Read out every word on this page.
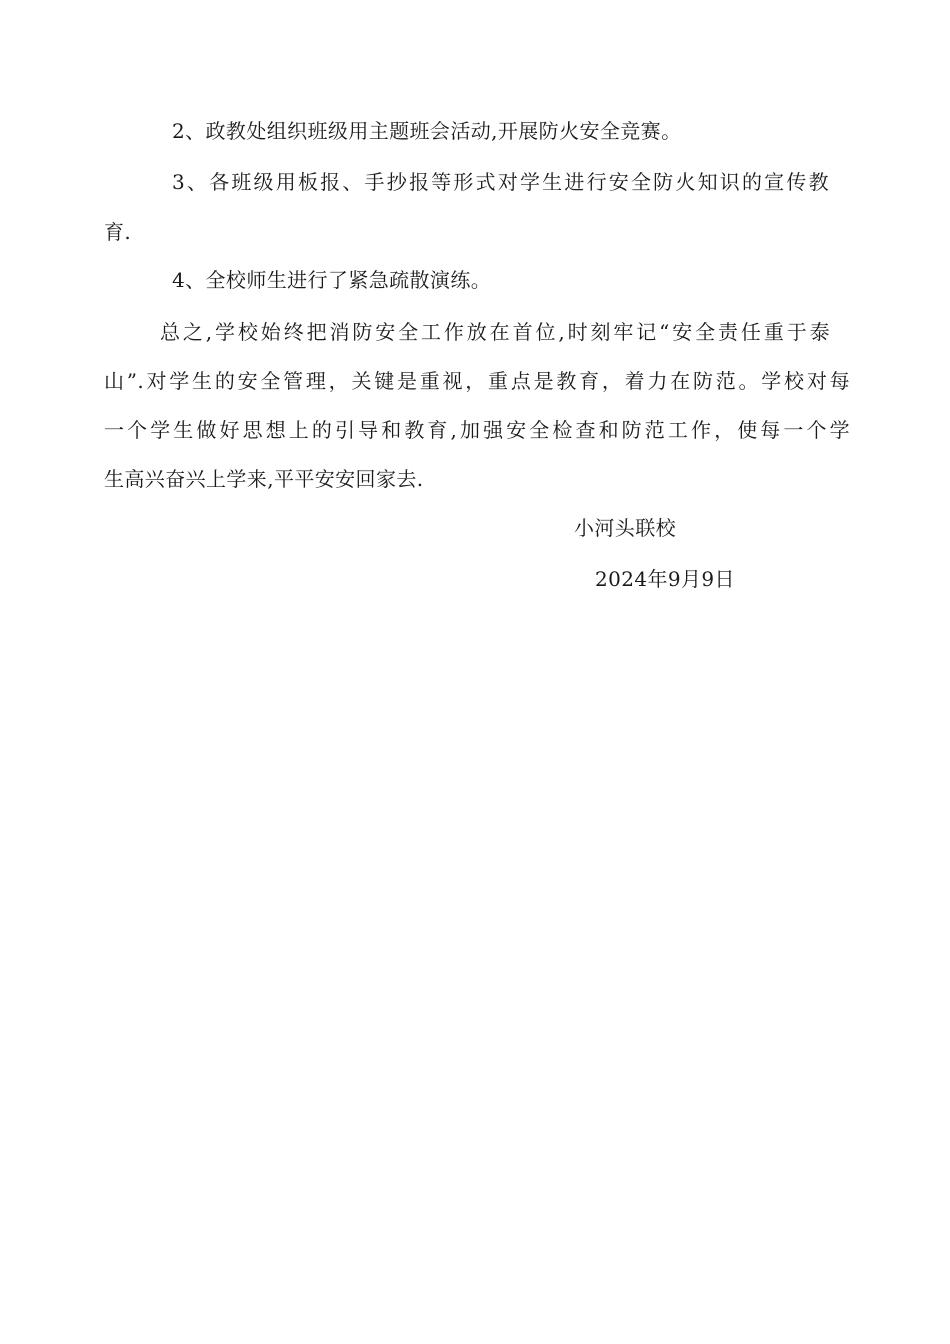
2、政教处组织班级用主题班会活动,开展防火安全竞赛。
3、各班级用板报、手抄报等形式对学生进行安全防火知识的宣传教
育.
4、全校师生进行了紧急疏散演练。
总之,学校始终把消防安全工作放在首位,时刻牢记“安全责任重于泰
山”.对学生的安全管理，关键是重视，重点是教育，着力在防范。学校对每
一个学生做好思想上的引导和教育,加强安全检查和防范工作，使每一个学
生高兴奋兴上学来,平平安安回家去.
小河头联校
2024年9月9日
